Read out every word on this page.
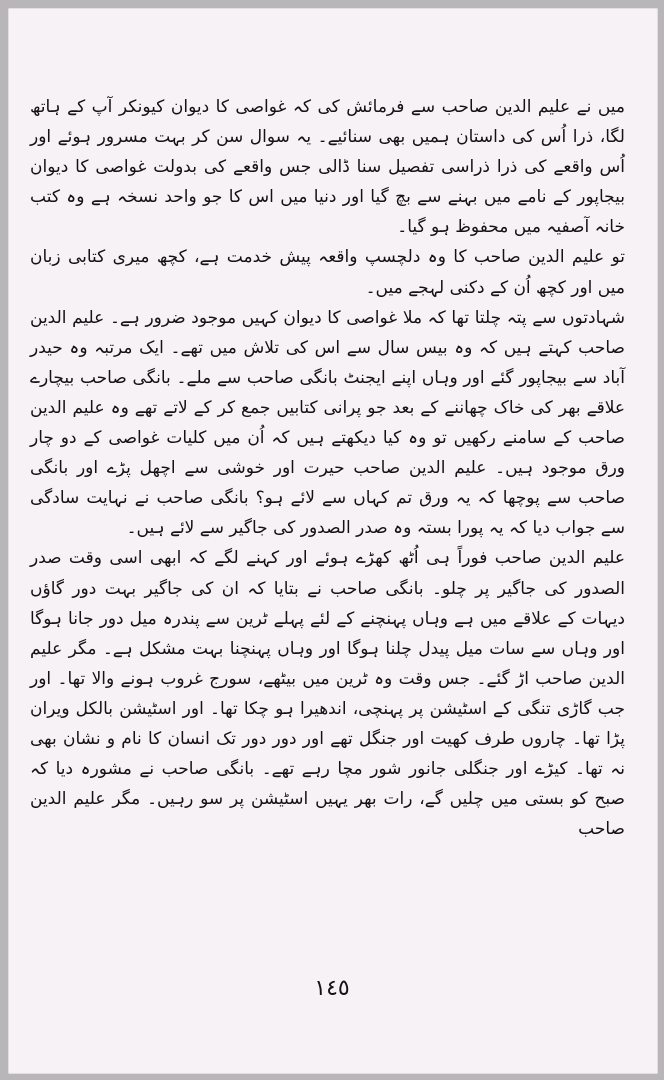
میں نے علیم الدین صاحب سے فرمائش کی کہ غواصی کا دیوان کیونکر آپ کے ہاتھ لگا، ذرا اُس کی داستان ہمیں بھی سنائیے۔ یہ سوال سن کر بہت مسرور ہوئے اور اُس واقعے کی ذرا ذراسی تفصیل سنا ڈالی جس واقعے کی بدولت غواصی کا دیوان بیجاپور کے نامے میں بہنے سے بچ گیا اور دنیا میں اس کا جو واحد نسخہ ہے وہ کتب خانہ آصفیہ میں محفوظ ہو گیا۔

تو علیم الدین صاحب کا وہ دلچسپ واقعہ پیش خدمت ہے، کچھ میری کتابی زبان میں اور کچھ اُن کے دکنی لہجے میں۔

شہادتوں سے پتہ چلتا تھا کہ ملا غواصی کا دیوان کہیں موجود ضرور ہے۔ علیم الدین صاحب کہتے ہیں کہ وہ بیس سال سے اس کی تلاش میں تھے۔ ایک مرتبہ وہ حیدر آباد سے بیجاپور گئے اور وہاں اپنے ایجنٹ بانگی صاحب سے ملے۔ بانگی صاحب بیچارے علاقے بھر کی خاک چھاننے کے بعد جو پرانی کتابیں جمع کر کے لاتے تھے وہ علیم الدین صاحب کے سامنے رکھیں تو وہ کیا دیکھتے ہیں کہ اُن میں کلیات غواصی کے دو چار ورق موجود ہیں۔ علیم الدین صاحب حیرت اور خوشی سے اچھل پڑے اور بانگی صاحب سے پوچھا کہ یہ ورق تم کہاں سے لائے ہو؟ بانگی صاحب نے نہایت سادگی سے جواب دیا کہ یہ پورا بستہ وہ صدر الصدور کی جاگیر سے لائے ہیں۔

علیم الدین صاحب فوراً ہی اُٹھ کھڑے ہوئے اور کہنے لگے کہ ابھی اسی وقت صدر الصدور کی جاگیر پر چلو۔ بانگی صاحب نے بتایا کہ ان کی جاگیر بہت دور گاؤں دیہات کے علاقے میں ہے وہاں پہنچنے کے لئے پہلے ٹرین سے پندرہ میل دور جانا ہوگا اور وہاں سے سات میل پیدل چلنا ہوگا اور وہاں پہنچنا بہت مشکل ہے۔ مگر علیم الدین صاحب اڑ گئے۔ جس وقت وہ ٹرین میں بیٹھے، سورج غروب ہونے والا تھا۔ اور جب گاڑی تنگی کے اسٹیشن پر پہنچی، اندھیرا ہو چکا تھا۔ اور اسٹیشن بالکل ویران پڑا تھا۔ چاروں طرف کھیت اور جنگل تھے اور دور دور تک انسان کا نام و نشان بھی نہ تھا۔ کیڑے اور جنگلی جانور شور مچا رہے تھے۔ بانگی صاحب نے مشورہ دیا کہ صبح کو بستی میں چلیں گے، رات بھر یہیں اسٹیشن پر سو رہیں۔ مگر علیم الدین صاحب

١٤٥
